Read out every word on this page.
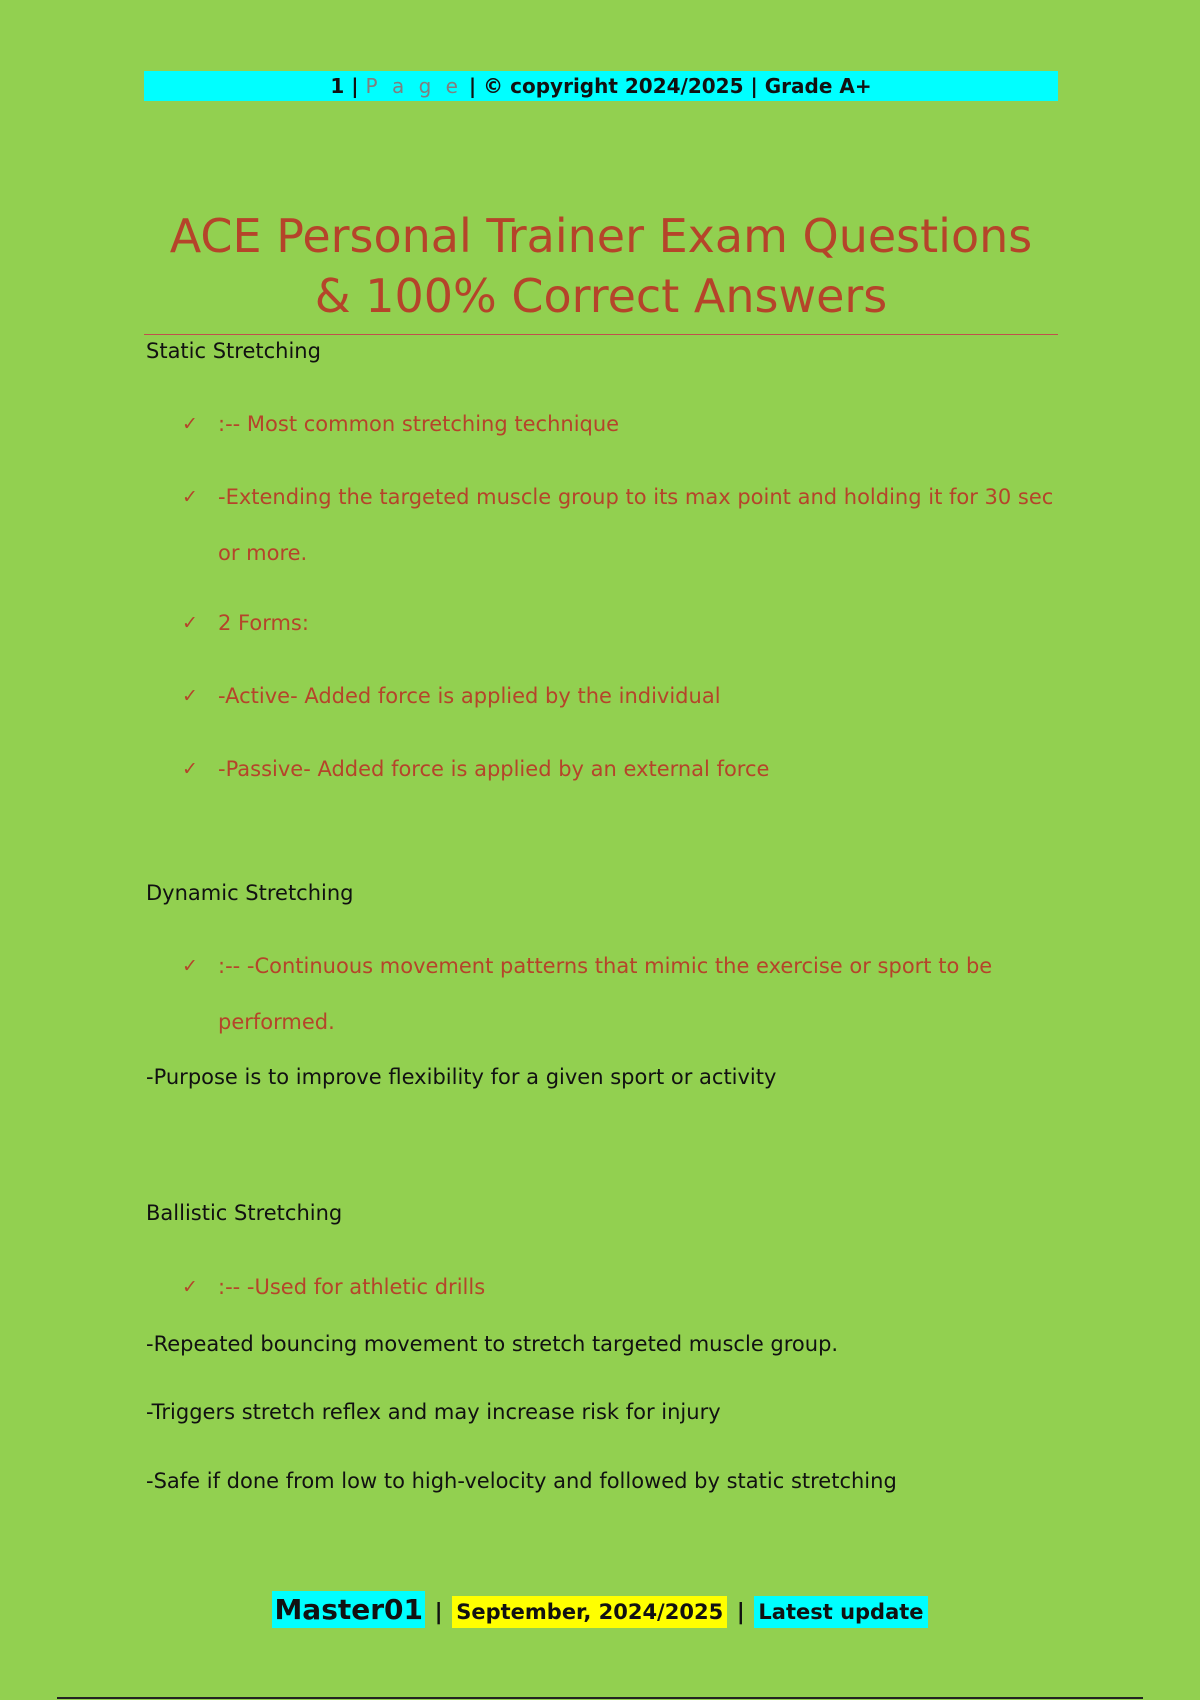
1 | P a g e | © copyright 2024/2025 | Grade A+
ACE Personal Trainer Exam Questions
& 100% Correct Answers
Static Stretching
✓ :-- Most common stretching technique
✓ -Extending the targeted muscle group to its max point and holding it for 30 sec or more.
✓ 2 Forms:
✓ -Active- Added force is applied by the individual
✓ -Passive- Added force is applied by an external force
Dynamic Stretching
✓ :-- -Continuous movement patterns that mimic the exercise or sport to be performed.
-Purpose is to improve flexibility for a given sport or activity
Ballistic Stretching
✓ :-- -Used for athletic drills
-Repeated bouncing movement to stretch targeted muscle group.
-Triggers stretch reflex and may increase risk for injury
-Safe if done from low to high-velocity and followed by static stretching
Master01 | September, 2024/2025 | Latest update
